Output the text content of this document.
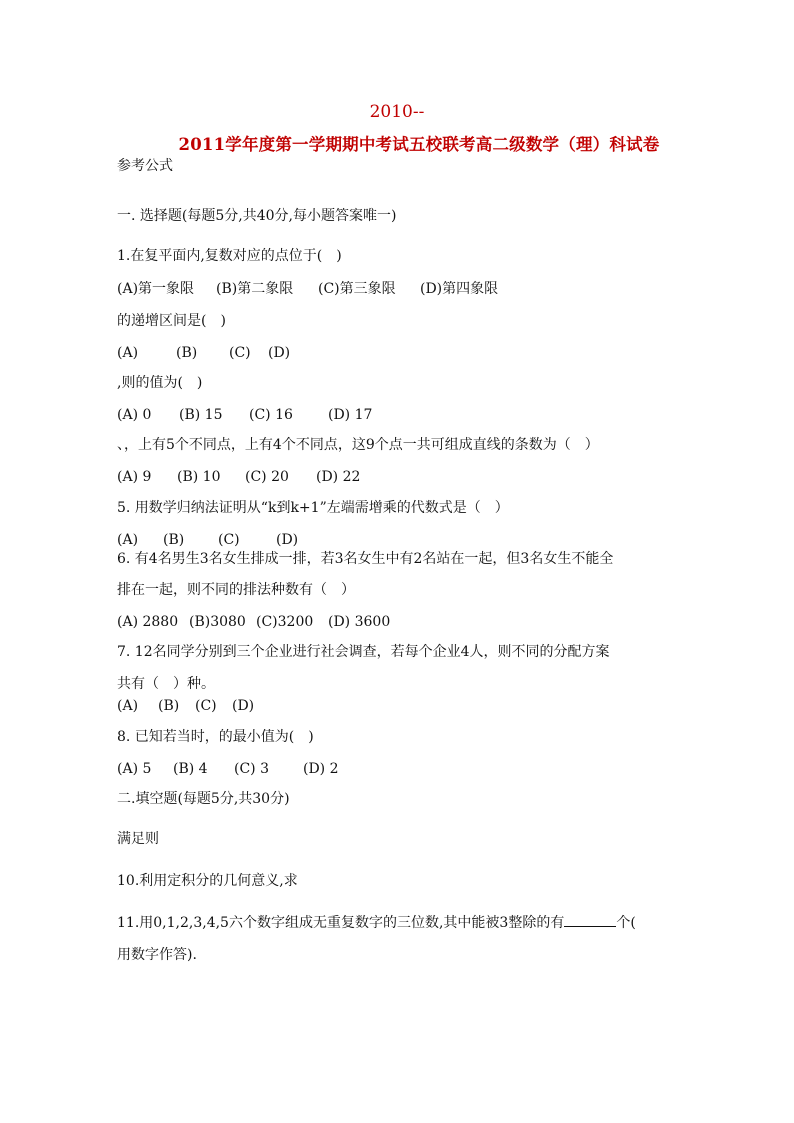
2010--
2011学年度第一学期期中考试五校联考高二级数学（理）科试卷
参考公式
一. 选择题(每题5分,共40分,每小题答案唯一)
1.在复平面内,复数对应的点位于(　)
(A)第一象限 (B)第二象限 (C)第三象限 (D)第四象限
的递增区间是(　)
(A)	(B) (C) (D)
,则的值为(　)
(A) 0 (B) 15 (C) 16	(D) 17
、，上有5个不同点，上有4个不同点，这9个点一共可组成直线的条数为（　）
(A) 9 (B) 10 (C) 20 (D) 22
5. 用数学归纳法证明从“k到k+1”左端需增乘的代数式是（　）
(A) (B) (C)	(D)
6. 有4名男生3名女生排成一排，若3名女生中有2名站在一起，但3名女生不能全
排在一起，则不同的排法种数有（　）
(A) 2880 (B)3080 (C)3200 (D) 3600
7. 12名同学分别到三个企业进行社会调查，若每个企业4人，则不同的分配方案
共有（　）种。
(A) (B) (C) (D)
8. 已知若当时，的最小值为(　)
(A) 5 (B) 4 (C) 3 (D) 2
二.填空题(每题5分,共30分)
满足则
10.利用定积分的几何意义,求
11.用0,1,2,3,4,5六个数字组成无重复数字的三位数,其中能被3整除的有	个(
用数字作答).
